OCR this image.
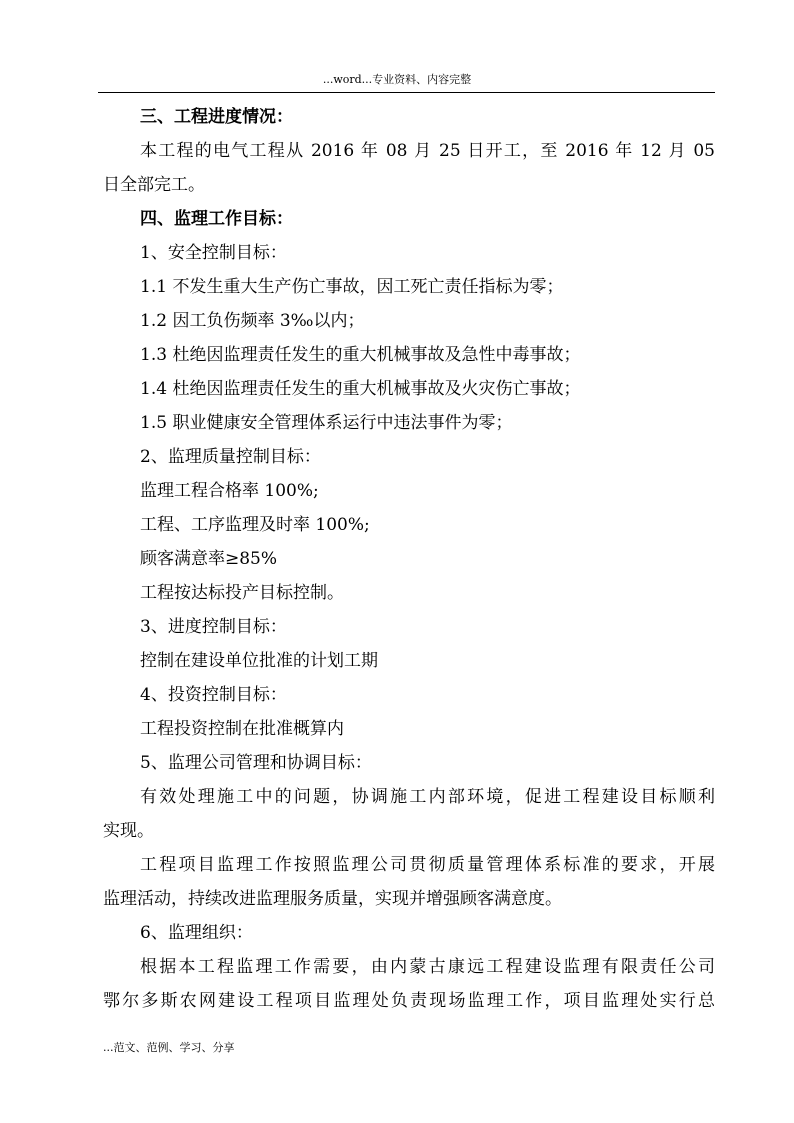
...word...专业资料、内容完整
三、工程进度情况：
本工程的电气工程从 2016 年 08 月 25 日开工，至 2016 年 12 月 05
日全部完工。
四、监理工作目标：
1、安全控制目标：
1.1 不发生重大生产伤亡事故，因工死亡责任指标为零；
1.2 因工负伤频率 3‰以内；
1.3 杜绝因监理责任发生的重大机械事故及急性中毒事故；
1.4 杜绝因监理责任发生的重大机械事故及火灾伤亡事故；
1.5 职业健康安全管理体系运行中违法事件为零；
2、监理质量控制目标：
监理工程合格率 100%;
工程、工序监理及时率 100%;
顾客满意率≥85%
工程按达标投产目标控制。
3、进度控制目标：
控制在建设单位批准的计划工期
4、投资控制目标：
工程投资控制在批准概算内
5、监理公司管理和协调目标：
有效处理施工中的问题，协调施工内部环境，促进工程建设目标顺利
实现。
工程项目监理工作按照监理公司贯彻质量管理体系标准的要求，开展
监理活动，持续改进监理服务质量，实现并增强顾客满意度。
6、监理组织：
根据本工程监理工作需要，由内蒙古康远工程建设监理有限责任公司
鄂尔多斯农网建设工程项目监理处负责现场监理工作，项目监理处实行总
...范文、范例、学习、分享
